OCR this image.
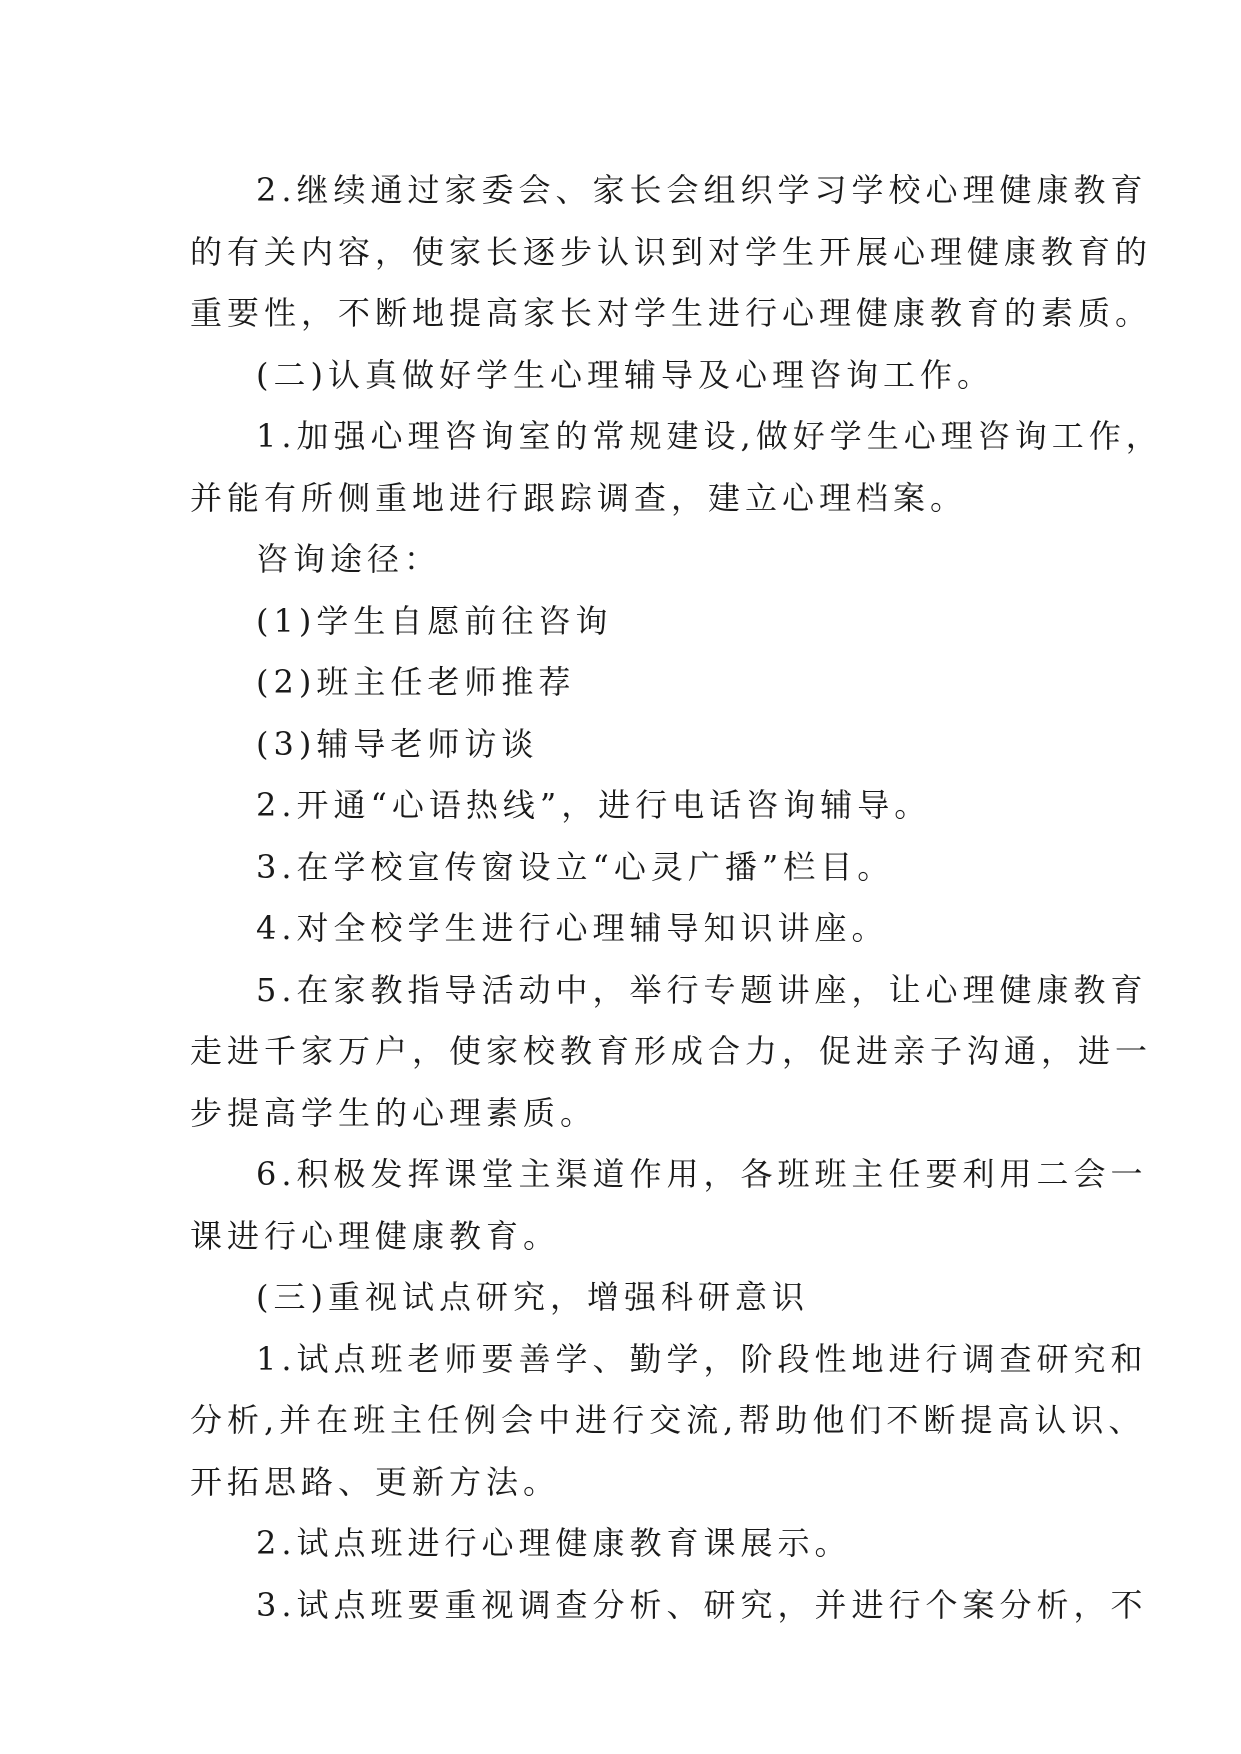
2.继续通过家委会、家长会组织学习学校心理健康教育
的有关内容，使家长逐步认识到对学生开展心理健康教育的
重要性，不断地提高家长对学生进行心理健康教育的素质。
(二)认真做好学生心理辅导及心理咨询工作。
1.加强心理咨询室的常规建设,做好学生心理咨询工作，
并能有所侧重地进行跟踪调查，建立心理档案。
咨询途径：
(1)学生自愿前往咨询
(2)班主任老师推荐
(3)辅导老师访谈
2.开通“心语热线”，进行电话咨询辅导。
3.在学校宣传窗设立“心灵广播”栏目。
4.对全校学生进行心理辅导知识讲座。
5.在家教指导活动中，举行专题讲座，让心理健康教育
走进千家万户，使家校教育形成合力，促进亲子沟通，进一
步提高学生的心理素质。
6.积极发挥课堂主渠道作用，各班班主任要利用二会一
课进行心理健康教育。
(三)重视试点研究，增强科研意识
1.试点班老师要善学、勤学，阶段性地进行调查研究和
分析,并在班主任例会中进行交流,帮助他们不断提高认识、
开拓思路、更新方法。
2.试点班进行心理健康教育课展示。
3.试点班要重视调查分析、研究，并进行个案分析，不
